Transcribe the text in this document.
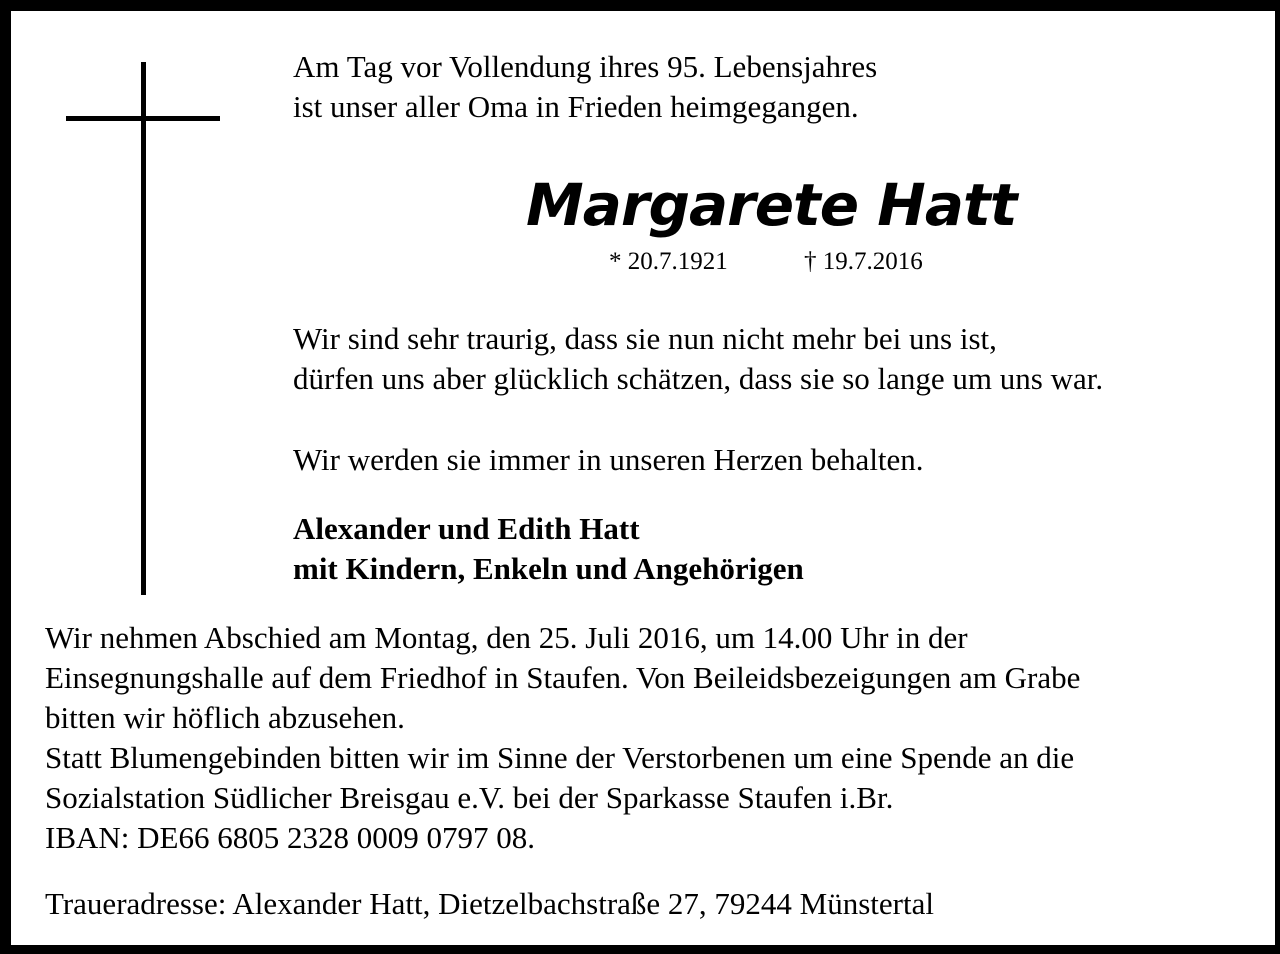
Am Tag vor Vollendung ihres 95. Lebensjahres
ist unser aller Oma in Frieden heimgegangen.

Margarete Hatt
* 20.7.1921	† 19.7.2016

Wir sind sehr traurig, dass sie nun nicht mehr bei uns ist,
dürfen uns aber glücklich schätzen, dass sie so lange um uns war.

Wir werden sie immer in unseren Herzen behalten.

Alexander und Edith Hatt
mit Kindern, Enkeln und Angehörigen

Wir nehmen Abschied am Montag, den 25. Juli 2016, um 14.00 Uhr in der
Einsegnungshalle auf dem Friedhof in Staufen. Von Beileidsbezeigungen am Grabe
bitten wir höflich abzusehen.
Statt Blumengebinden bitten wir im Sinne der Verstorbenen um eine Spende an die
Sozialstation Südlicher Breisgau e.V. bei der Sparkasse Staufen i.Br.
IBAN: DE66 6805 2328 0009 0797 08.

Traueradresse: Alexander Hatt, Dietzelbachstraße 27, 79244 Münstertal
